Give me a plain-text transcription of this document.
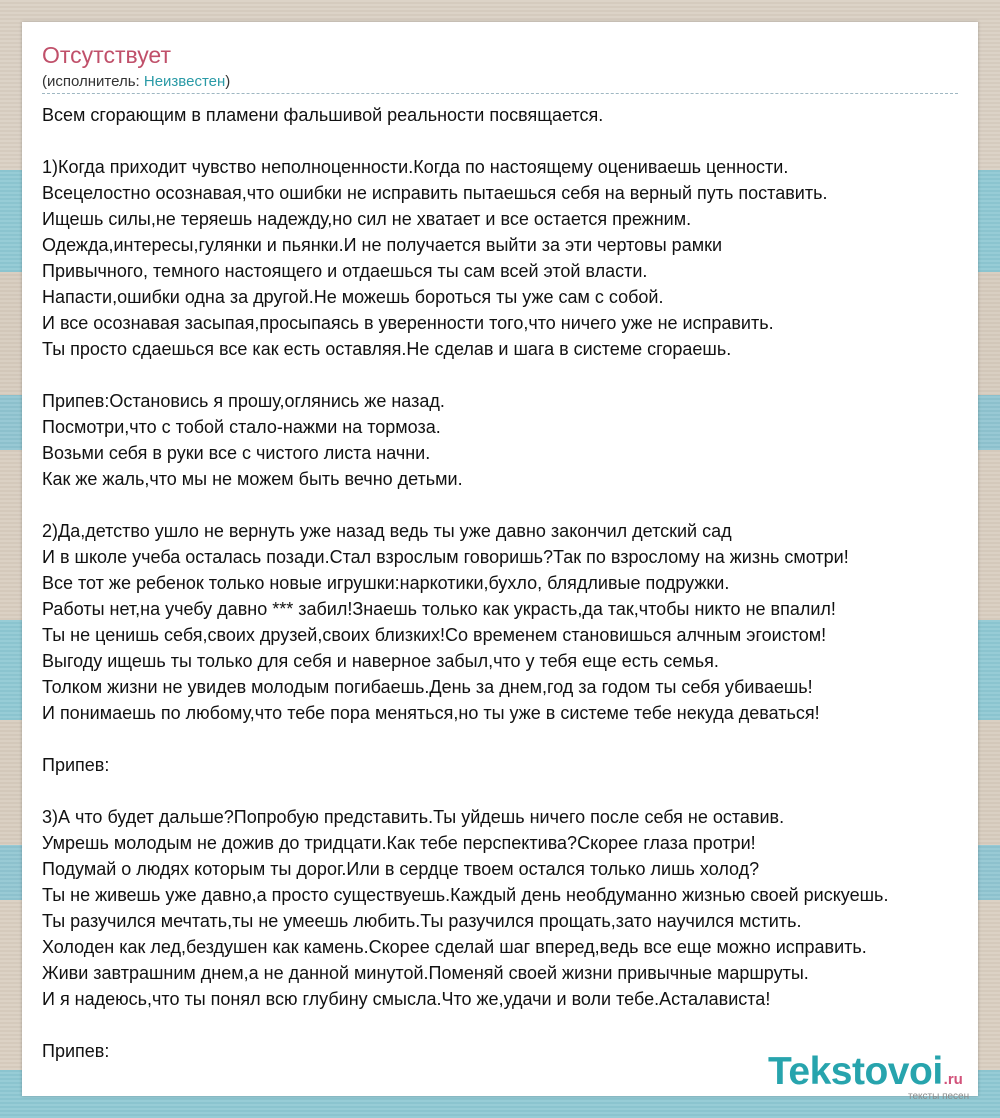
Отсутствует
(исполнитель: Неизвестен)
Всем сгорающим в пламени фальшивой реальности посвящается.
1)Когда приходит чувство неполноценности.Когда по настоящему оцениваешь ценности.
Всецелостно осознавая,что ошибки не исправить пытаешься себя на верный путь поставить.
Ищешь силы,не теряешь надежду,но сил не хватает и все остается прежним.
Одежда,интересы,гулянки и пьянки.И не получается выйти за эти чертовы рамки
Привычного, темного настоящего и отдаешься ты сам всей этой власти.
Напасти,ошибки одна за другой.Не можешь бороться ты уже сам с собой.
И все осознавая засыпая,просыпаясь в уверенности того,что ничего уже не исправить.
Ты просто сдаешься все как есть оставляя.Не сделав и шага в системе сгораешь.
Припев:Остановись я прошу,оглянись же назад.
Посмотри,что с тобой стало-нажми на тормоза.
Возьми себя в руки все с чистого листа начни.
Как же жаль,что мы не можем быть вечно детьми.
2)Да,детство ушло не вернуть уже назад ведь ты уже давно закончил детский сад
И в школе учеба осталась позади.Стал взрослым говоришь?Так по взрослому на жизнь смотри!
Все тот же ребенок только новые игрушки:наркотики,бухло, блядливые подружки.
Работы нет,на учебу давно *** забил!Знаешь только как украсть,да так,чтобы никто не впалил!
Ты не ценишь себя,своих друзей,своих близких!Со временем становишься алчным эгоистом!
Выгоду ищешь ты только для себя и наверное забыл,что у тебя еще есть семья.
Толком жизни не увидев молодым погибаешь.День за днем,год за годом ты себя убиваешь!
И понимаешь по любому,что тебе пора меняться,но ты уже в системе тебе некуда деваться!
Припев:
3)А что будет дальше?Попробую представить.Ты уйдешь ничего после себя не оставив.
Умрешь молодым не дожив до тридцати.Как тебе перспектива?Скорее глаза протри!
Подумай о людях которым ты дорог.Или в сердце твоем остался только лишь холод?
Ты не живешь уже давно,а просто существуешь.Каждый день необдуманно жизнью своей рискуешь.
Ты разучился мечтать,ты не умеешь любить.Ты разучился прощать,зато научился мстить.
Холоден как лед,бездушен как камень.Скорее сделай шаг вперед,ведь все еще можно исправить.
Живи завтрашним днем,а не данной минутой.Поменяй своей жизни привычные маршруты.
И я надеюсь,что ты понял всю глубину смысла.Что же,удачи и воли тебе.Асталависта!
Припев:	Tekstovoi.ru
тексты песен
